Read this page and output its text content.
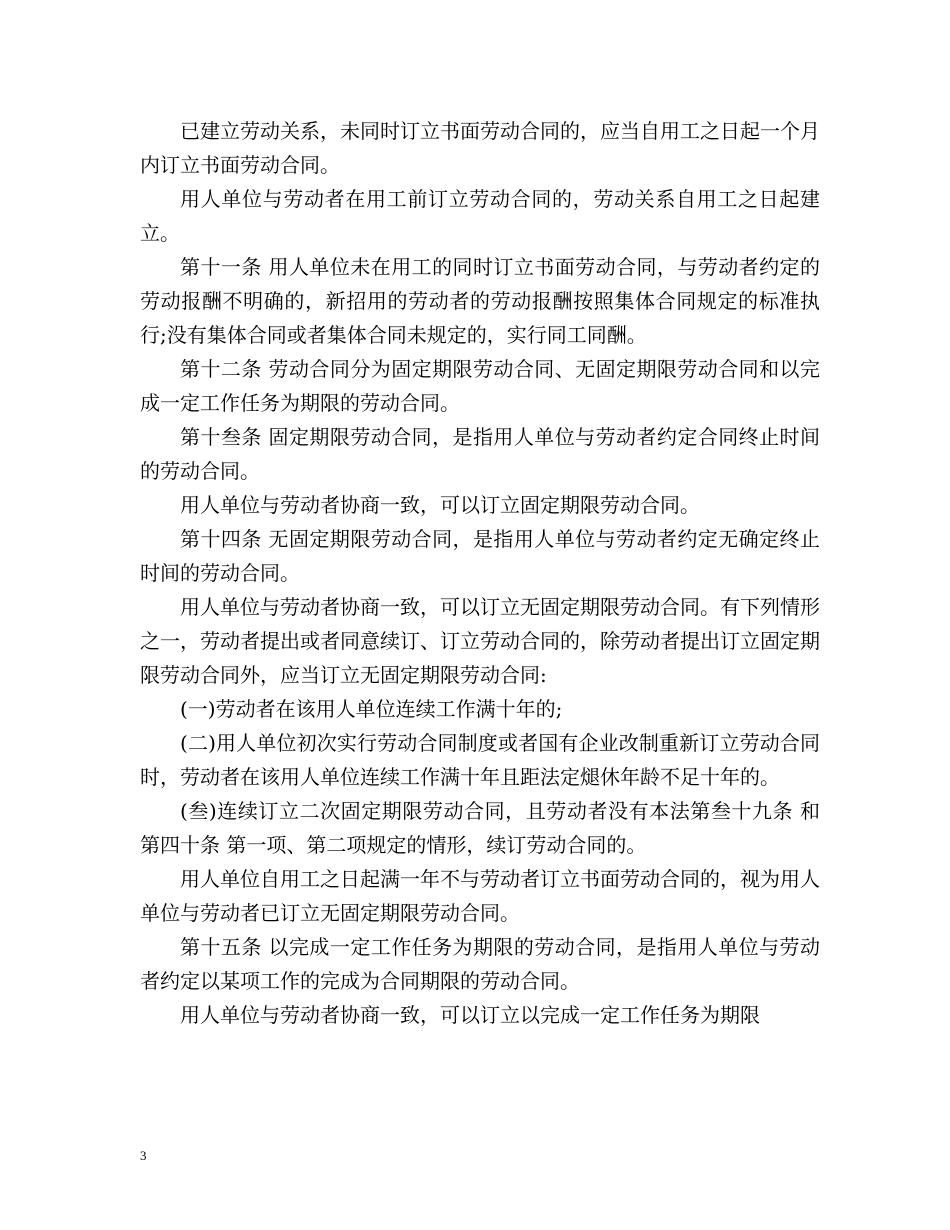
已建立劳动关系，未同时订立书面劳动合同的，应当自用工之日起一个月内订立书面劳动合同。

用人单位与劳动者在用工前订立劳动合同的，劳动关系自用工之日起建立。

第十一条 用人单位未在用工的同时订立书面劳动合同，与劳动者约定的劳动报酬不明确的，新招用的劳动者的劳动报酬按照集体合同规定的标准执行;没有集体合同或者集体合同未规定的，实行同工同酬。

第十二条 劳动合同分为固定期限劳动合同、无固定期限劳动合同和以完成一定工作任务为期限的劳动合同。

第十叁条 固定期限劳动合同，是指用人单位与劳动者约定合同终止时间的劳动合同。

用人单位与劳动者协商一致，可以订立固定期限劳动合同。

第十四条 无固定期限劳动合同，是指用人单位与劳动者约定无确定终止时间的劳动合同。

用人单位与劳动者协商一致，可以订立无固定期限劳动合同。有下列情形之一，劳动者提出或者同意续订、订立劳动合同的，除劳动者提出订立固定期限劳动合同外，应当订立无固定期限劳动合同:

(一)劳动者在该用人单位连续工作满十年的;

(二)用人单位初次实行劳动合同制度或者国有企业改制重新订立劳动合同时，劳动者在该用人单位连续工作满十年且距法定煺休年龄不足十年的。

(叁)连续订立二次固定期限劳动合同，且劳动者没有本法第叁十九条 和第四十条 第一项、第二项规定的情形，续订劳动合同的。

用人单位自用工之日起满一年不与劳动者订立书面劳动合同的，视为用人单位与劳动者已订立无固定期限劳动合同。

第十五条 以完成一定工作任务为期限的劳动合同，是指用人单位与劳动者约定以某项工作的完成为合同期限的劳动合同。

用人单位与劳动者协商一致，可以订立以完成一定工作任务为期限

3
